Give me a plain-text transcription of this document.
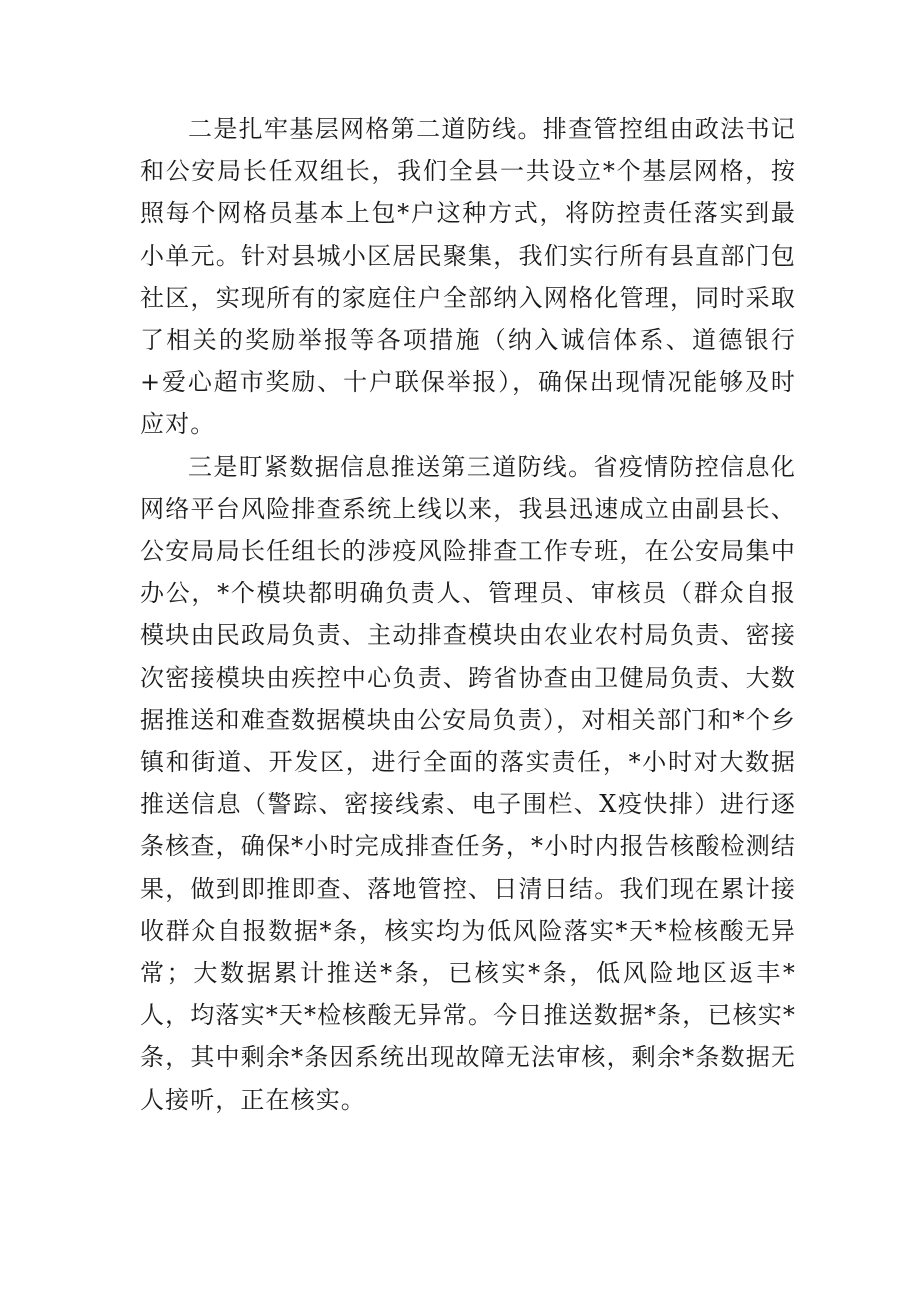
二是扎牢基层网格第二道防线。排查管控组由政法书记和公安局长任双组长，我们全县一共设立*个基层网格，按照每个网格员基本上包*户这种方式，将防控责任落实到最小单元。针对县城小区居民聚集，我们实行所有县直部门包社区，实现所有的家庭住户全部纳入网格化管理，同时采取了相关的奖励举报等各项措施（纳入诚信体系、道德银行+爱心超市奖励、十户联保举报），确保出现情况能够及时应对。

三是盯紧数据信息推送第三道防线。省疫情防控信息化网络平台风险排查系统上线以来，我县迅速成立由副县长、公安局局长任组长的涉疫风险排查工作专班，在公安局集中办公，*个模块都明确负责人、管理员、审核员（群众自报模块由民政局负责、主动排查模块由农业农村局负责、密接次密接模块由疾控中心负责、跨省协查由卫健局负责、大数据推送和难查数据模块由公安局负责），对相关部门和*个乡镇和街道、开发区，进行全面的落实责任，*小时对大数据推送信息（警踪、密接线索、电子围栏、X疫快排）进行逐条核查，确保*小时完成排查任务，*小时内报告核酸检测结果，做到即推即查、落地管控、日清日结。我们现在累计接收群众自报数据*条，核实均为低风险落实*天*检核酸无异常；大数据累计推送*条，已核实*条，低风险地区返丰*人，均落实*天*检核酸无异常。今日推送数据*条，已核实*条，其中剩余*条因系统出现故障无法审核，剩余*条数据无人接听，正在核实。
